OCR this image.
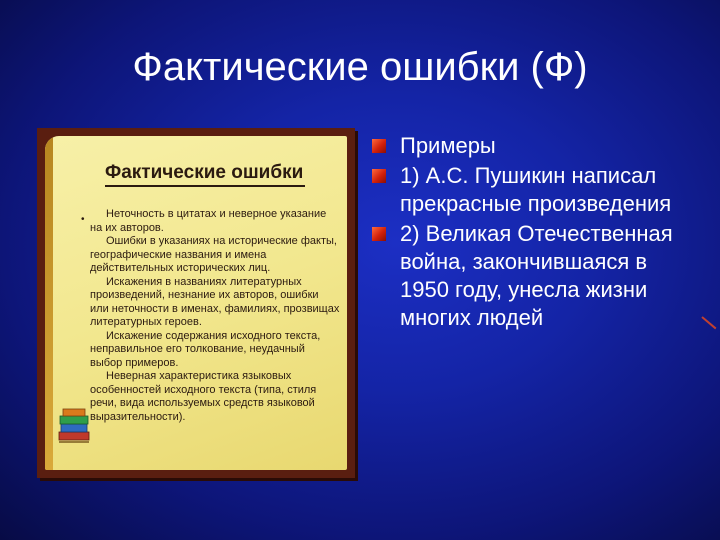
Фактические ошибки (Ф)
Фактические ошибки
•	Неточность в цитатах и неверное указание на их авторов.
Ошибки в указаниях на исторические факты, географические названия и имена действительных исторических лиц.
Искажения в названиях литературных произведений, незнание их авторов, ошибки или неточности в именах, фамилиях, прозвищах литературных героев.
Искажение содержания исходного текста, неправильное его толкование, неудачный выбор примеров.
Неверная характеристика языковых особенностей исходного текста (типа, стиля речи, вида используемых средств языковой выразительности).
Примеры
1) А.С. Пушикин написал прекрасные произведения
2) Великая Отечественная война, закончившаяся в 1950 году, унесла жизни многих людей
